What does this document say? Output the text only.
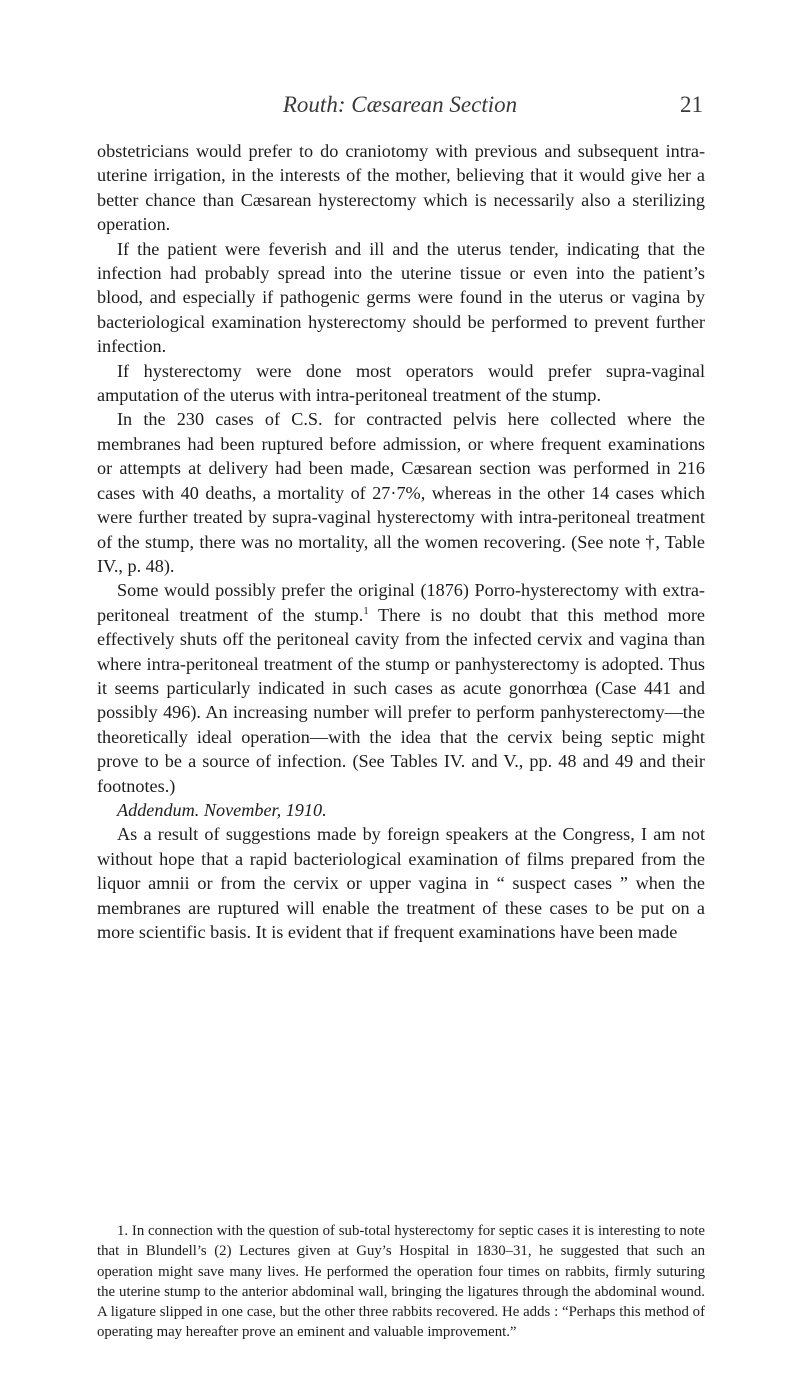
Routh: Cæsarean Section	21

obstetricians would prefer to do craniotomy with previous and subsequent intra-uterine irrigation, in the interests of the mother, believing that it would give her a better chance than Cæsarean hysterectomy which is necessarily also a sterilizing operation.

If the patient were feverish and ill and the uterus tender, indicating that the infection had probably spread into the uterine tissue or even into the patient’s blood, and especially if pathogenic germs were found in the uterus or vagina by bacteriological examination hysterectomy should be performed to prevent further infection.

If hysterectomy were done most operators would prefer supra-vaginal amputation of the uterus with intra-peritoneal treatment of the stump.

In the 230 cases of C.S. for contracted pelvis here collected where the membranes had been ruptured before admission, or where frequent examinations or attempts at delivery had been made, Cæsarean section was performed in 216 cases with 40 deaths, a mortality of 27·7%, whereas in the other 14 cases which were further treated by supra-vaginal hysterectomy with intra-peritoneal treatment of the stump, there was no mortality, all the women recovering. (See note †, Table IV., p. 48).

Some would possibly prefer the original (1876) Porro-hysterectomy with extra-peritoneal treatment of the stump.$^1$ There is no doubt that this method more effectively shuts off the peritoneal cavity from the infected cervix and vagina than where intra-peritoneal treatment of the stump or panhysterectomy is adopted. Thus it seems particularly indicated in such cases as acute gonorrhœa (Case 441 and possibly 496). An increasing number will prefer to perform panhysterectomy—the theoretically ideal operation—with the idea that the cervix being septic might prove to be a source of infection. (See Tables IV. and V., pp. 48 and 49 and their footnotes.)

Addendum. November, 1910.

As a result of suggestions made by foreign speakers at the Congress, I am not without hope that a rapid bacteriological examination of films prepared from the liquor amnii or from the cervix or upper vagina in “ suspect cases ” when the membranes are ruptured will enable the treatment of these cases to be put on a more scientific basis. It is evident that if frequent examinations have been made

1. In connection with the question of sub-total hysterectomy for septic cases it is interesting to note that in Blundell’s (2) Lectures given at Guy’s Hospital in 1830–31, he suggested that such an operation might save many lives. He performed the operation four times on rabbits, firmly suturing the uterine stump to the anterior abdominal wall, bringing the ligatures through the abdominal wound. A ligature slipped in one case, but the other three rabbits recovered. He adds : “Perhaps this method of operating may hereafter prove an eminent and valuable improvement.”
